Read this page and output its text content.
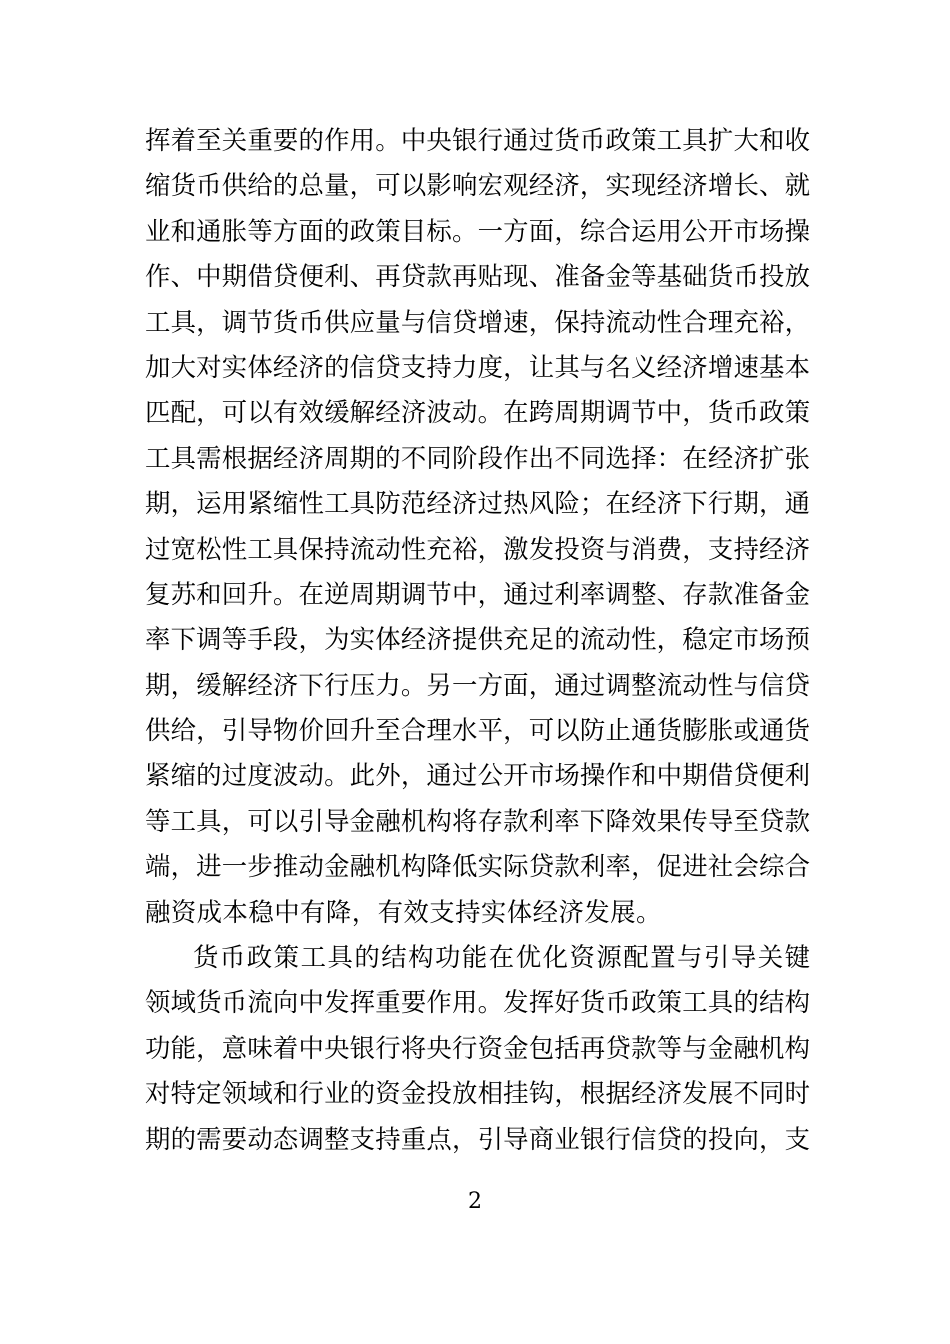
挥着至关重要的作用。中央银行通过货币政策工具扩大和收
缩货币供给的总量，可以影响宏观经济，实现经济增长、就
业和通胀等方面的政策目标。一方面，综合运用公开市场操
作、中期借贷便利、再贷款再贴现、准备金等基础货币投放
工具，调节货币供应量与信贷增速，保持流动性合理充裕，
加大对实体经济的信贷支持力度，让其与名义经济增速基本
匹配，可以有效缓解经济波动。在跨周期调节中，货币政策
工具需根据经济周期的不同阶段作出不同选择：在经济扩张
期，运用紧缩性工具防范经济过热风险；在经济下行期，通
过宽松性工具保持流动性充裕，激发投资与消费，支持经济
复苏和回升。在逆周期调节中，通过利率调整、存款准备金
率下调等手段，为实体经济提供充足的流动性，稳定市场预
期，缓解经济下行压力。另一方面，通过调整流动性与信贷
供给，引导物价回升至合理水平，可以防止通货膨胀或通货
紧缩的过度波动。此外，通过公开市场操作和中期借贷便利
等工具，可以引导金融机构将存款利率下降效果传导至贷款
端，进一步推动金融机构降低实际贷款利率，促进社会综合
融资成本稳中有降，有效支持实体经济发展。
货币政策工具的结构功能在优化资源配置与引导关键
领域货币流向中发挥重要作用。发挥好货币政策工具的结构
功能，意味着中央银行将央行资金包括再贷款等与金融机构
对特定领域和行业的资金投放相挂钩，根据经济发展不同时
期的需要动态调整支持重点，引导商业银行信贷的投向，支
2
